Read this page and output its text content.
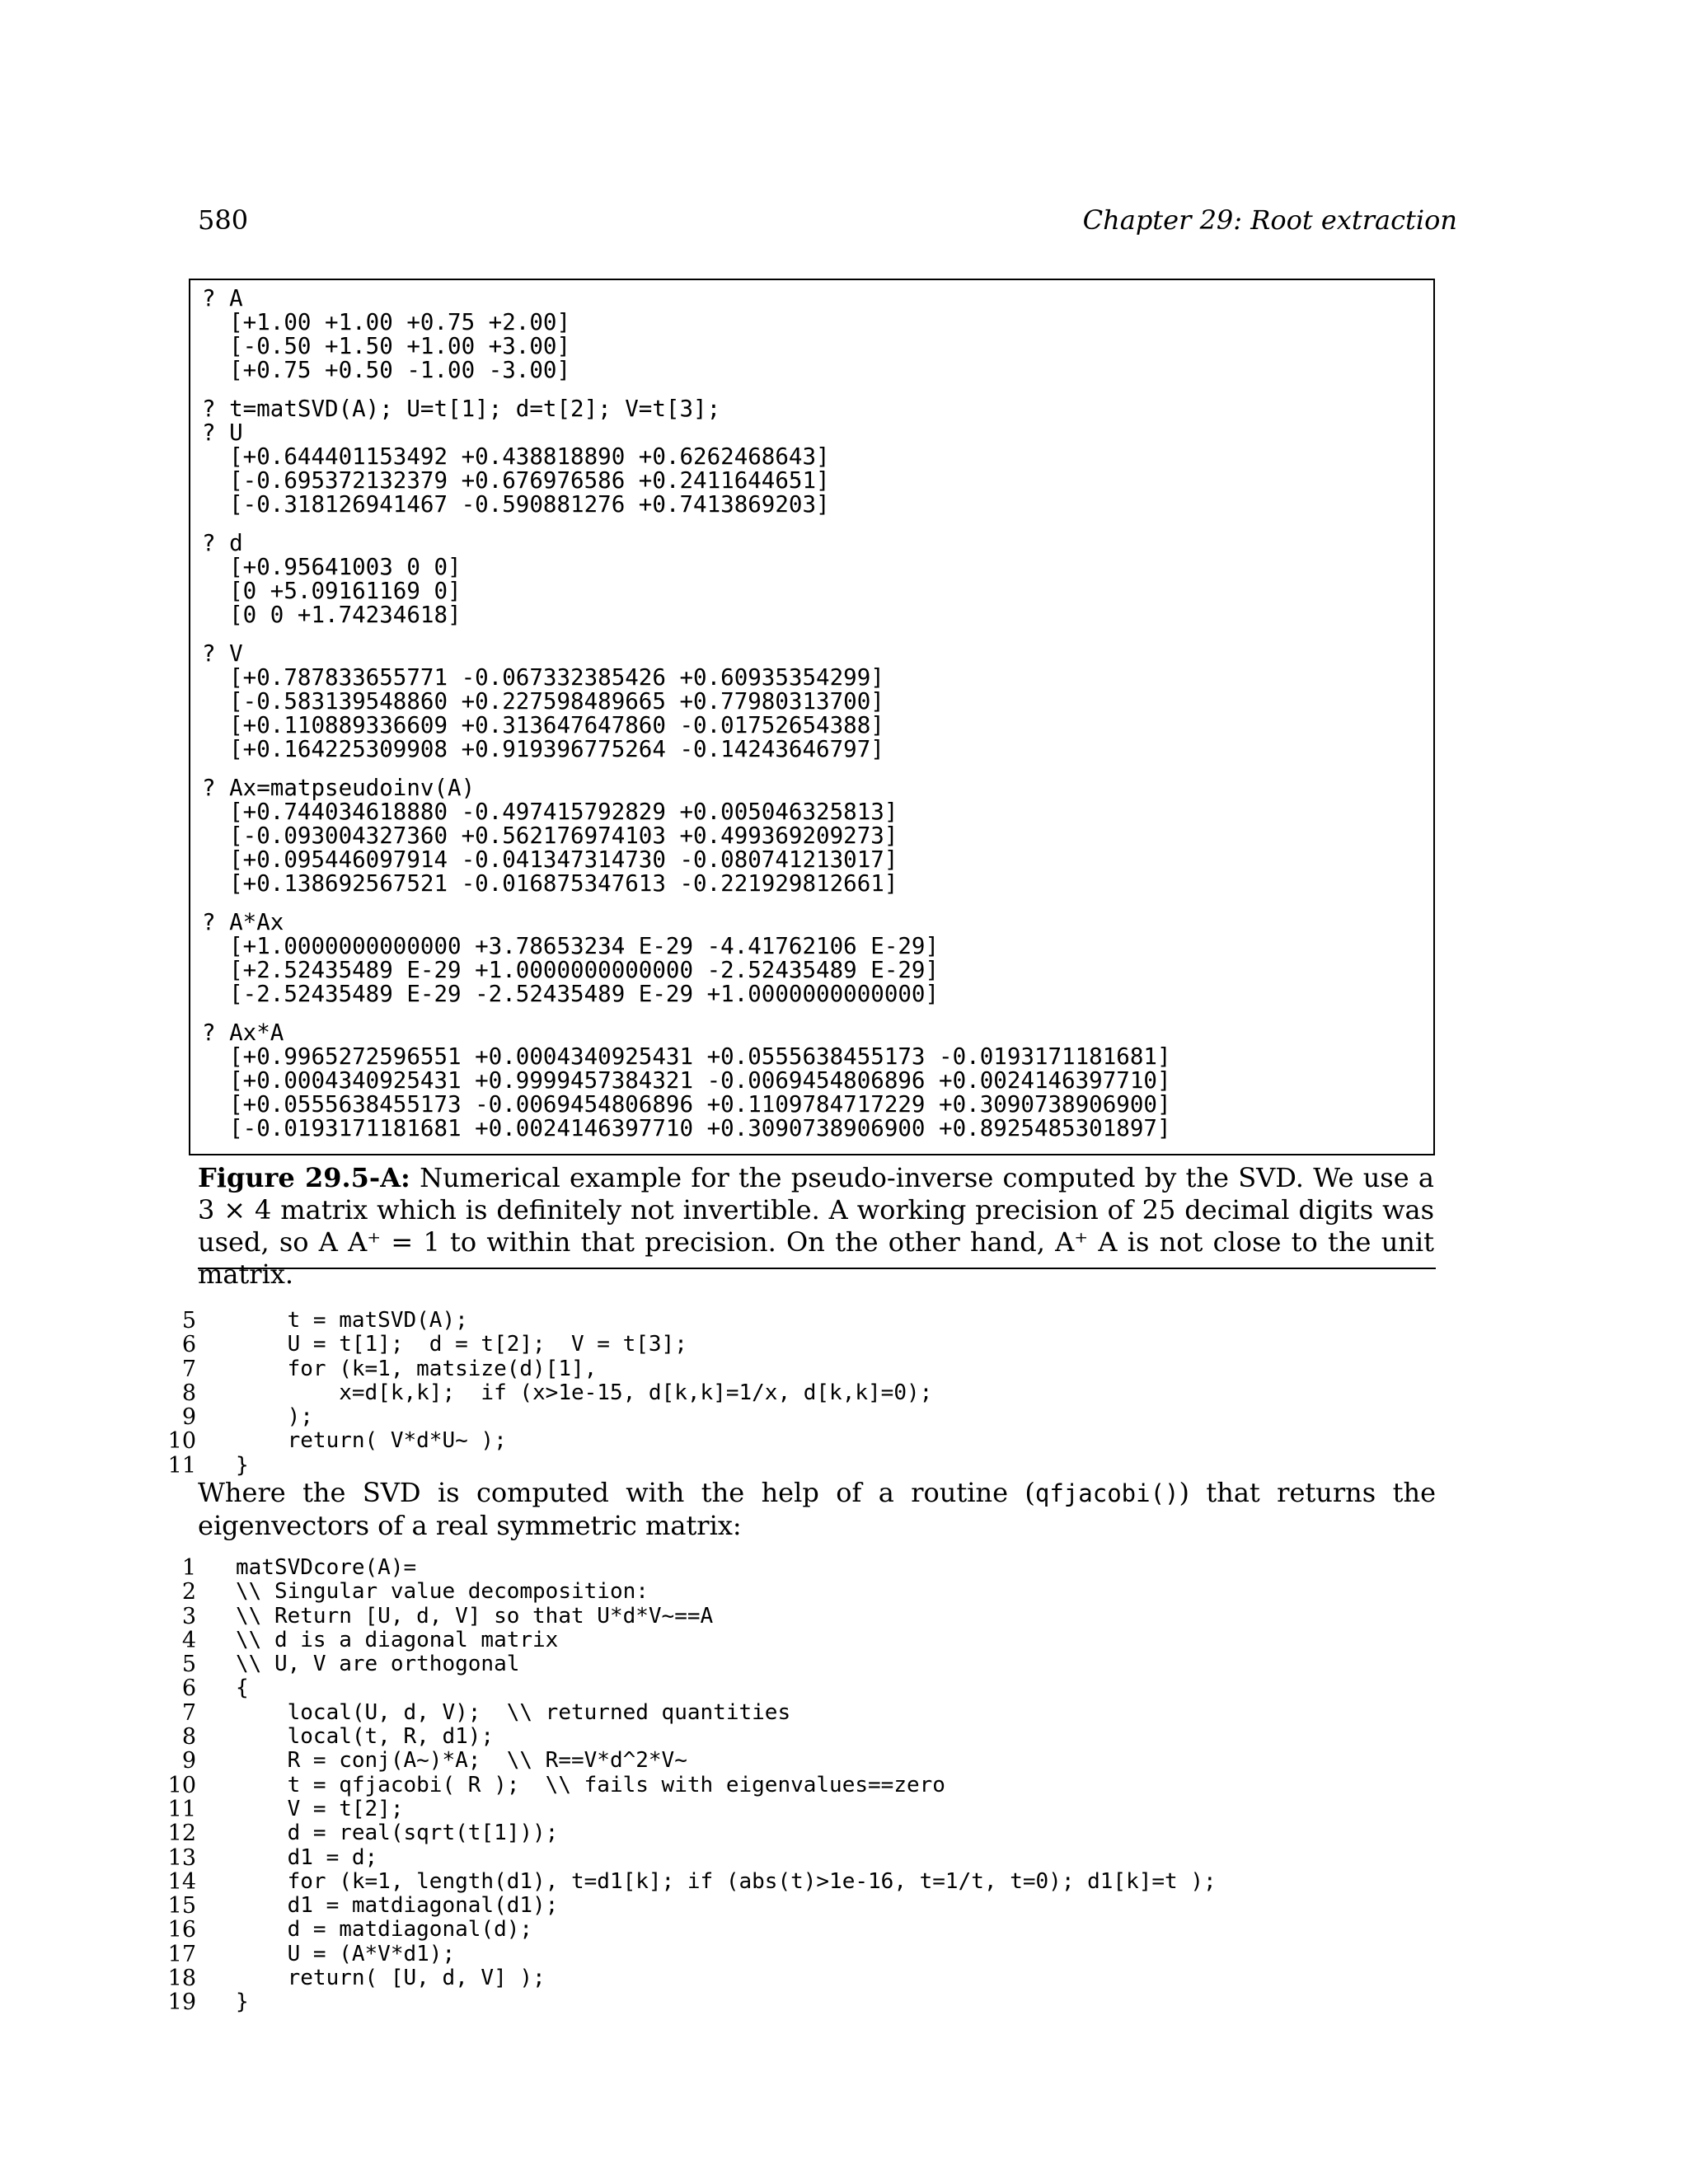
580	Chapter 29: Root extraction
? A
[+1.00 +1.00 +0.75 +2.00]
[-0.50 +1.50 +1.00 +3.00]
[+0.75 +0.50 -1.00 -3.00]
? t=matSVD(A); U=t[1]; d=t[2]; V=t[3];
? U
[+0.644401153492 +0.438818890 +0.6262468643]
[-0.695372132379 +0.676976586 +0.2411644651]
[-0.318126941467 -0.590881276 +0.7413869203]
? d
[+0.95641003 0 0]
[0 +5.09161169 0]
[0 0 +1.74234618]
? V
[+0.787833655771 -0.067332385426 +0.60935354299]
[-0.583139548860 +0.227598489665 +0.77980313700]
[+0.110889336609 +0.313647647860 -0.01752654388]
[+0.164225309908 +0.919396775264 -0.14243646797]
? Ax=matpseudoinv(A)
[+0.744034618880 -0.497415792829 +0.005046325813]
[-0.093004327360 +0.562176974103 +0.499369209273]
[+0.095446097914 -0.041347314730 -0.080741213017]
[+0.138692567521 -0.016875347613 -0.221929812661]
? A*Ax
[+1.0000000000000 +3.78653234 E-29 -4.41762106 E-29]
[+2.52435489 E-29 +1.0000000000000 -2.52435489 E-29]
[-2.52435489 E-29 -2.52435489 E-29 +1.0000000000000]
? Ax*A
[+0.9965272596551 +0.0004340925431 +0.0555638455173 -0.0193171181681]
[+0.0004340925431 +0.9999457384321 -0.0069454806896 +0.0024146397710]
[+0.0555638455173 -0.0069454806896 +0.1109784717229 +0.3090738906900]
[-0.0193171181681 +0.0024146397710 +0.3090738906900 +0.8925485301897]
Figure 29.5-A: Numerical example for the pseudo-inverse computed by the SVD. We use a 3 × 4 matrix which is definitely not invertible. A working precision of 25 decimal digits was used, so A A⁺ = 1 to within that precision. On the other hand, A⁺ A is not close to the unit matrix.
5 t = matSVD(A);
6 U = t[1];  d = t[2];  V = t[3];
7 for (k=1, matsize(d)[1],
8 x=d[k,k];  if (x>1e-15, d[k,k]=1/x, d[k,k]=0);
9 );
10 return( V*d*U~ );
11 }
Where the SVD is computed with the help of a routine (qfjacobi()) that returns the eigenvectors of a real symmetric matrix:
1 matSVDcore(A)=
2 \\ Singular value decomposition:
3 \\ Return [U, d, V] so that U*d*V~==A
4 \\ d is a diagonal matrix
5 \\ U, V are orthogonal
6 {
7 local(U, d, V);  \\ returned quantities
8 local(t, R, d1);
9 R = conj(A~)*A;  \\ R==V*d^2*V~
10 t = qfjacobi( R );  \\ fails with eigenvalues==zero
11 V = t[2];
12 d = real(sqrt(t[1]));
13 d1 = d;
14 for (k=1, length(d1), t=d1[k]; if (abs(t)>1e-16, t=1/t, t=0); d1[k]=t );
15 d1 = matdiagonal(d1);
16 d = matdiagonal(d);
17 U = (A*V*d1);
18 return( [U, d, V] );
19 }
